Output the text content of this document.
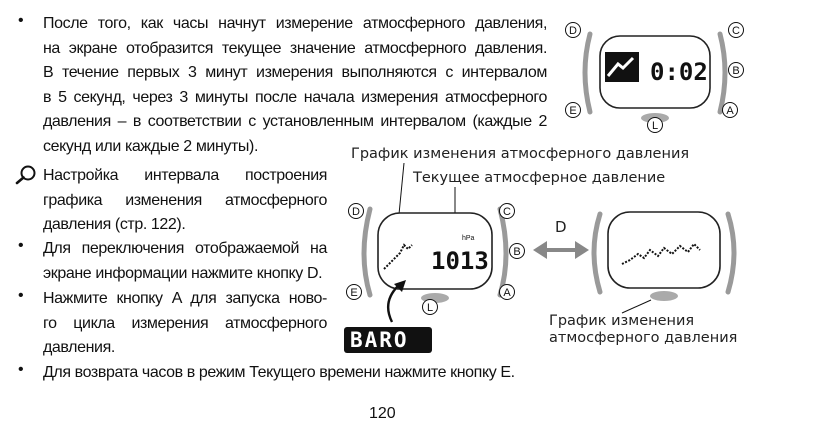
• После того, как часы начнут измерение атмосферного давления,
на экране отобразится текущее значение атмосферного давления.
В течение первых 3 минут измерения выполняются с интервалом
в 5 секунд, через 3 минуты после начала измерения атмосферного
давления – в соответствии с установленным интервалом (каждые 2
секунд или каждые 2 минуты).
Настройка интервала построения
графика изменения атмосферного
давления (стр. 122).
• Для переключения отображаемой на
экране информации нажмите кнопку D.
• Нажмите кнопку A для запуска ново-
го цикла измерения атмосферного
давления.
• Для возврата часов в режим Текущего времени нажмите кнопку E.
График изменения атмосферного давления
Текущее атмосферное давление
График изменения
атмосферного давления
0:02
D	C
B
E	A
L
hPa
1013
D	C
B
E	A
L
D
BARO
120
